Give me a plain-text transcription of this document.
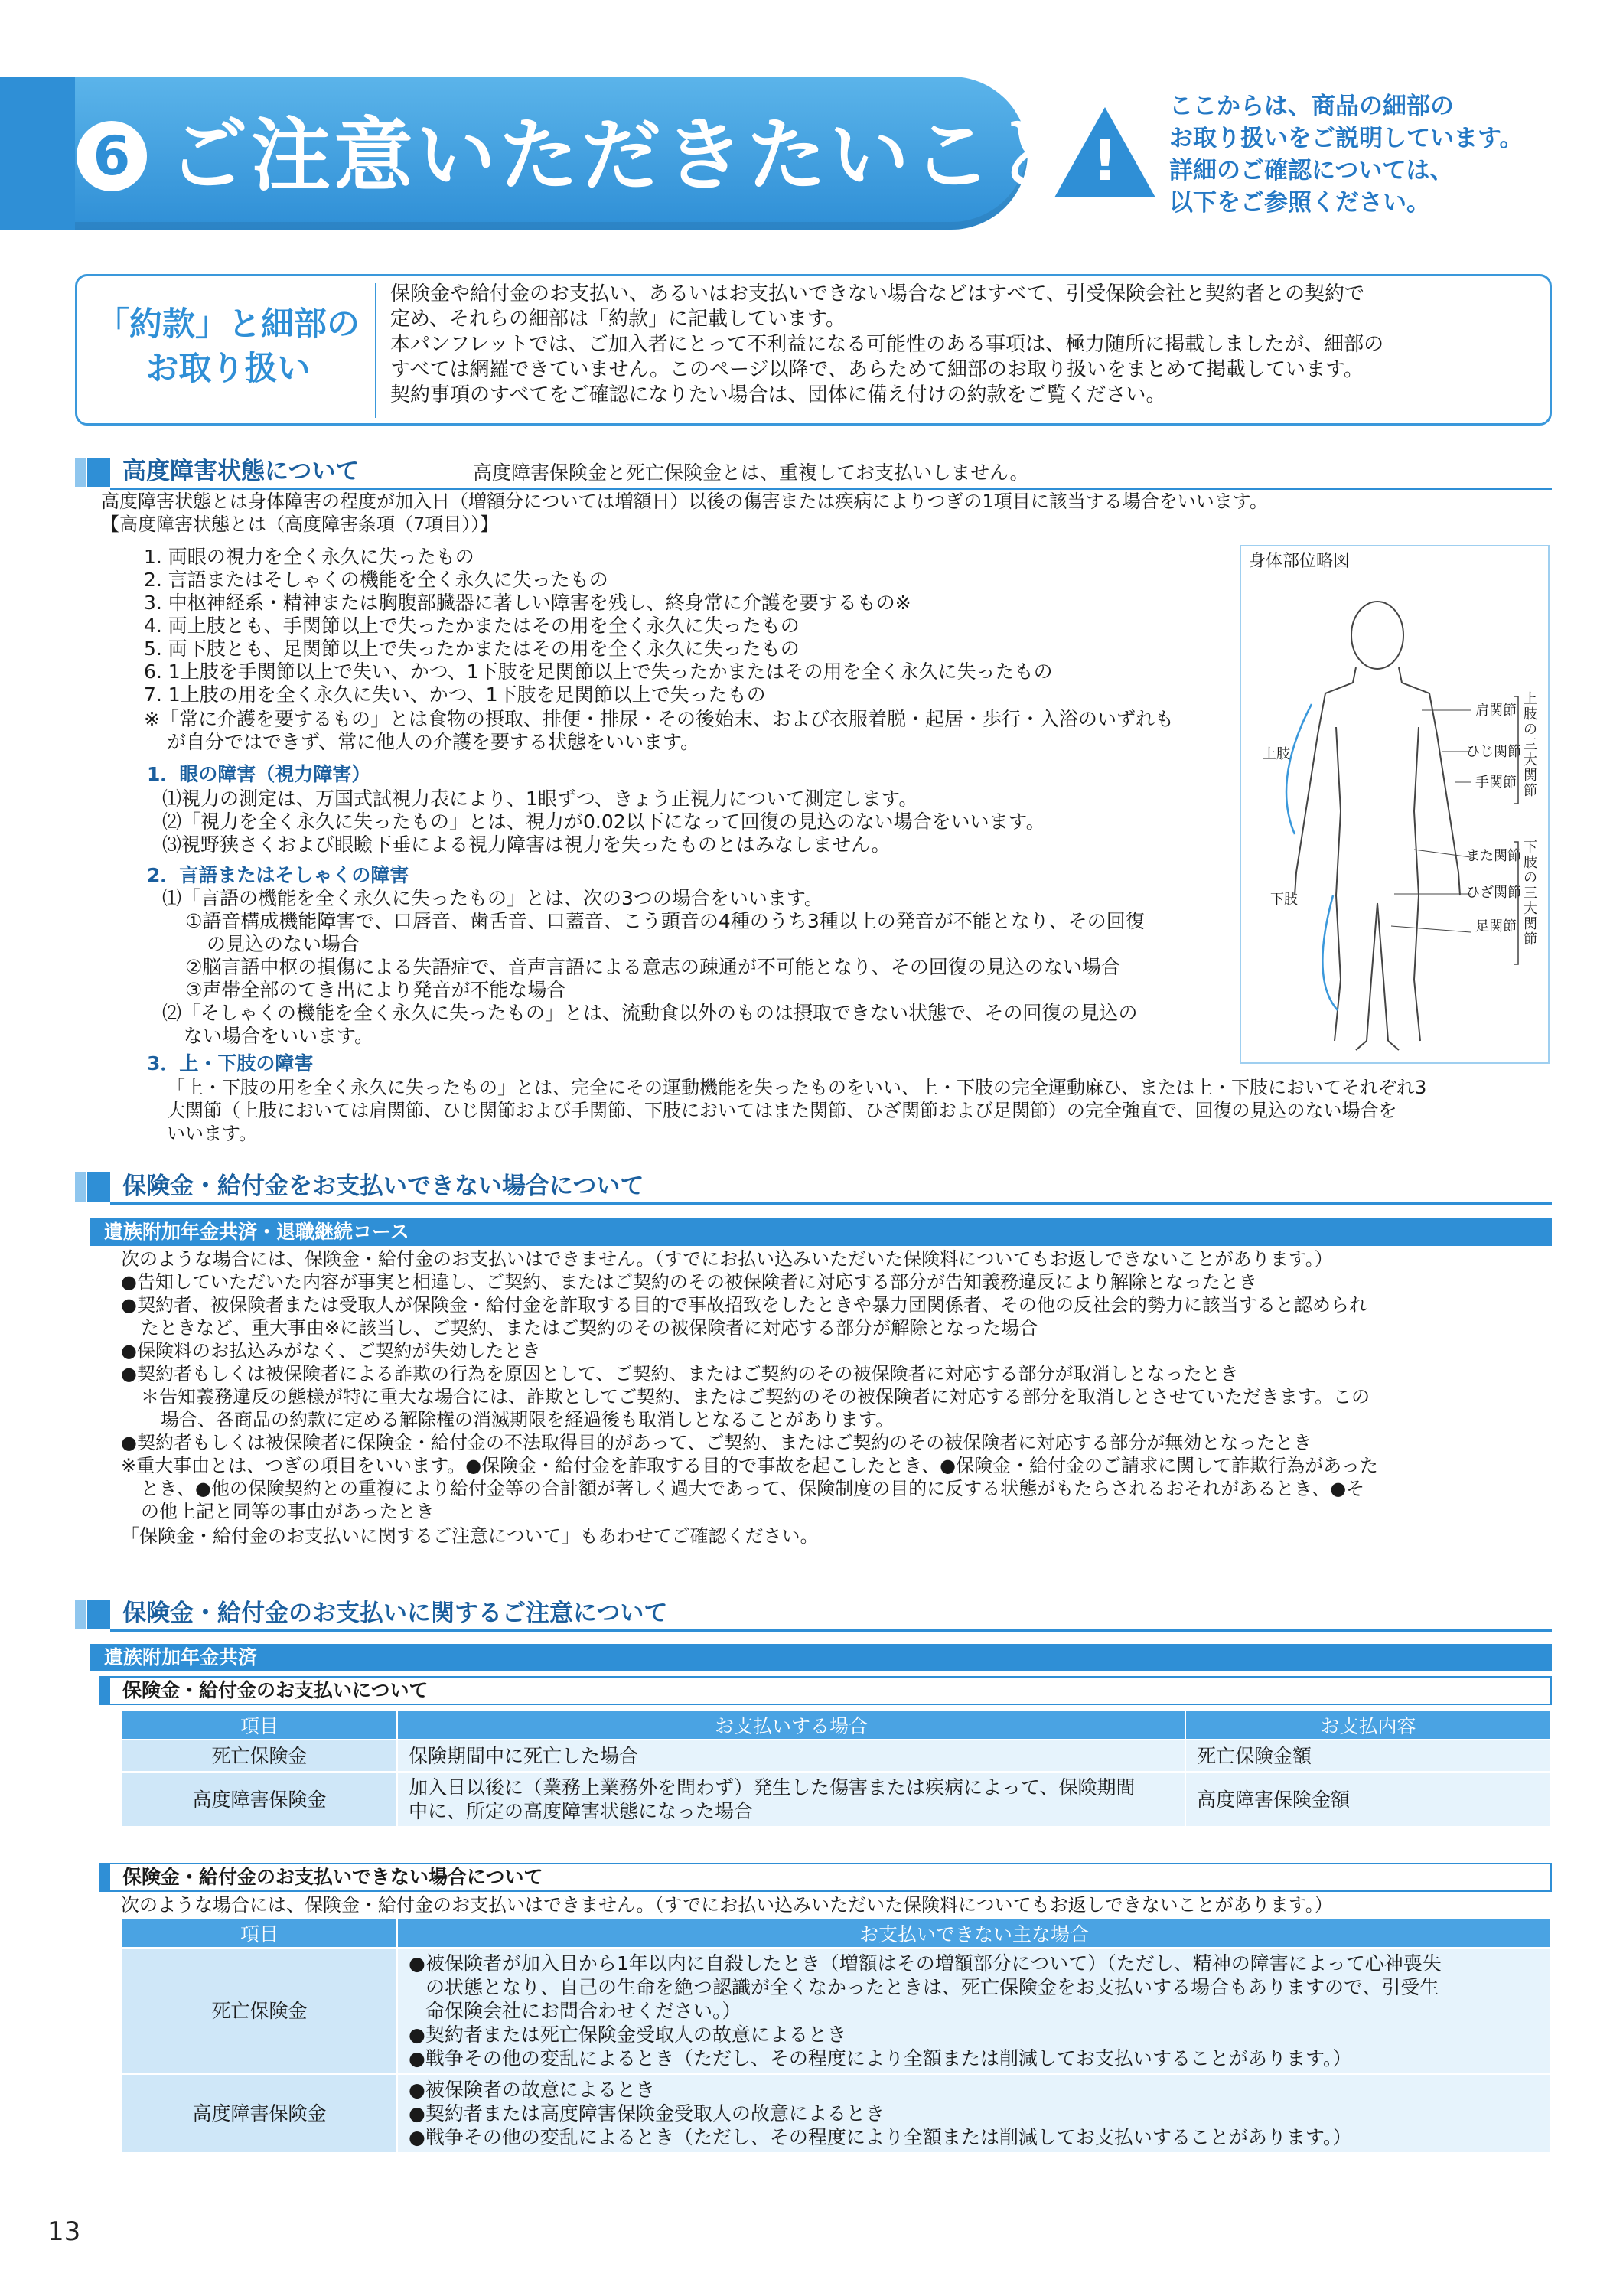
6 ご注意いただきたいこと !
ここからは、商品の細部の
お取り扱いをご説明しています。
詳細のご確認については、
以下をご参照ください。
「約款」と細部の
お取り扱い
保険金や給付金のお支払い、あるいはお支払いできない場合などはすべて、引受保険会社と契約者との契約で
定め、それらの細部は「約款」に記載しています。
本パンフレットでは、ご加入者にとって不利益になる可能性のある事項は、極力随所に掲載しましたが、細部の
すべては網羅できていません。このページ以降で、あらためて細部のお取り扱いをまとめて掲載しています。
契約事項のすべてをご確認になりたい場合は、団体に備え付けの約款をご覧ください。
高度障害状態について	高度障害保険金と死亡保険金とは、重複してお支払いしません。
高度障害状態とは身体障害の程度が加入日（増額分については増額日）以後の傷害または疾病によりつぎの1項目に該当する場合をいいます。
【高度障害状態とは（高度障害条項（7項目））】
1. 両眼の視力を全く永久に失ったもの
2. 言語またはそしゃくの機能を全く永久に失ったもの
3. 中枢神経系・精神または胸腹部臓器に著しい障害を残し、終身常に介護を要するもの※
4. 両上肢とも、手関節以上で失ったかまたはその用を全く永久に失ったもの
5. 両下肢とも、足関節以上で失ったかまたはその用を全く永久に失ったもの
6. 1上肢を手関節以上で失い、かつ、1下肢を足関節以上で失ったかまたはその用を全く永久に失ったもの
7. 1上肢の用を全く永久に失い、かつ、1下肢を足関節以上で失ったもの
※「常に介護を要するもの」とは食物の摂取、排便・排尿・その後始末、および衣服着脱・起居・歩行・入浴のいずれも
が自分ではできず、常に他人の介護を要する状態をいいます。
1．眼の障害（視力障害）
⑴視力の測定は、万国式試視力表により、1眼ずつ、きょう正視力について測定します。
⑵「視力を全く永久に失ったもの」とは、視力が0.02以下になって回復の見込のない場合をいいます。
⑶視野狭さくおよび眼瞼下垂による視力障害は視力を失ったものとはみなしません。
2．言語またはそしゃくの障害
⑴「言語の機能を全く永久に失ったもの」とは、次の3つの場合をいいます。
①語音構成機能障害で、口唇音、歯舌音、口蓋音、こう頭音の4種のうち3種以上の発音が不能となり、その回復
の見込のない場合
②脳言語中枢の損傷による失語症で、音声言語による意志の疎通が不可能となり、その回復の見込のない場合
③声帯全部のてき出により発音が不能な場合
⑵「そしゃくの機能を全く永久に失ったもの」とは、流動食以外のものは摂取できない状態で、その回復の見込の
ない場合をいいます。
3．上・下肢の障害
「上・下肢の用を全く永久に失ったもの」とは、完全にその運動機能を失ったものをいい、上・下肢の完全運動麻ひ、または上・下肢においてそれぞれ3
大関節（上肢においては肩関節、ひじ関節および手関節、下肢においてはまた関節、ひざ関節および足関節）の完全強直で、回復の見込のない場合を
いいます。
身体部位略図
上肢
下肢
肩関節
ひじ関節
手関節
また関節
ひざ関節
足関節
上肢の三大関節
下肢の三大関節
保険金・給付金をお支払いできない場合について
遺族附加年金共済・退職継続コース
次のような場合には、保険金・給付金のお支払いはできません。（すでにお払い込みいただいた保険料についてもお返しできないことがあります。）
●告知していただいた内容が事実と相違し、ご契約、またはご契約のその被保険者に対応する部分が告知義務違反により解除となったとき
●契約者、被保険者または受取人が保険金・給付金を詐取する目的で事故招致をしたときや暴力団関係者、その他の反社会的勢力に該当すると認められ
たときなど、重大事由※に該当し、ご契約、またはご契約のその被保険者に対応する部分が解除となった場合
●保険料のお払込みがなく、ご契約が失効したとき
●契約者もしくは被保険者による詐欺の行為を原因として、ご契約、またはご契約のその被保険者に対応する部分が取消しとなったとき
＊告知義務違反の態様が特に重大な場合には、詐欺としてご契約、またはご契約のその被保険者に対応する部分を取消しとさせていただきます。この
場合、各商品の約款に定める解除権の消滅期限を経過後も取消しとなることがあります。
●契約者もしくは被保険者に保険金・給付金の不法取得目的があって、ご契約、またはご契約のその被保険者に対応する部分が無効となったとき
※重大事由とは、つぎの項目をいいます。●保険金・給付金を詐取する目的で事故を起こしたとき、●保険金・給付金のご請求に関して詐欺行為があった
とき、●他の保険契約との重複により給付金等の合計額が著しく過大であって、保険制度の目的に反する状態がもたらされるおそれがあるとき、●そ
の他上記と同等の事由があったとき
「保険金・給付金のお支払いに関するご注意について」もあわせてご確認ください。
保険金・給付金のお支払いに関するご注意について
遺族附加年金共済
保険金・給付金のお支払いについて
項目	お支払いする場合	お支払内容
死亡保険金	保険期間中に死亡した場合	死亡保険金額
高度障害保険金	加入日以後に（業務上業務外を問わず）発生した傷害または疾病によって、保険期間
中に、所定の高度障害状態になった場合	高度障害保険金額
保険金・給付金のお支払いできない場合について
次のような場合には、保険金・給付金のお支払いはできません。（すでにお払い込みいただいた保険料についてもお返しできないことがあります。）
項目	お支払いできない主な場合
死亡保険金	●被保険者が加入日から1年以内に自殺したとき（増額はその増額部分について）（ただし、精神の障害によって心神喪失
の状態となり、自己の生命を絶つ認識が全くなかったときは、死亡保険金をお支払いする場合もありますので、引受生
命保険会社にお問合わせください。）
●契約者または死亡保険金受取人の故意によるとき
●戦争その他の変乱によるとき（ただし、その程度により全額または削減してお支払いすることがあります。）

高度障害保険金	●被保険者の故意によるとき
●契約者または高度障害保険金受取人の故意によるとき
●戦争その他の変乱によるとき（ただし、その程度により全額または削減してお支払いすることがあります。）
13
